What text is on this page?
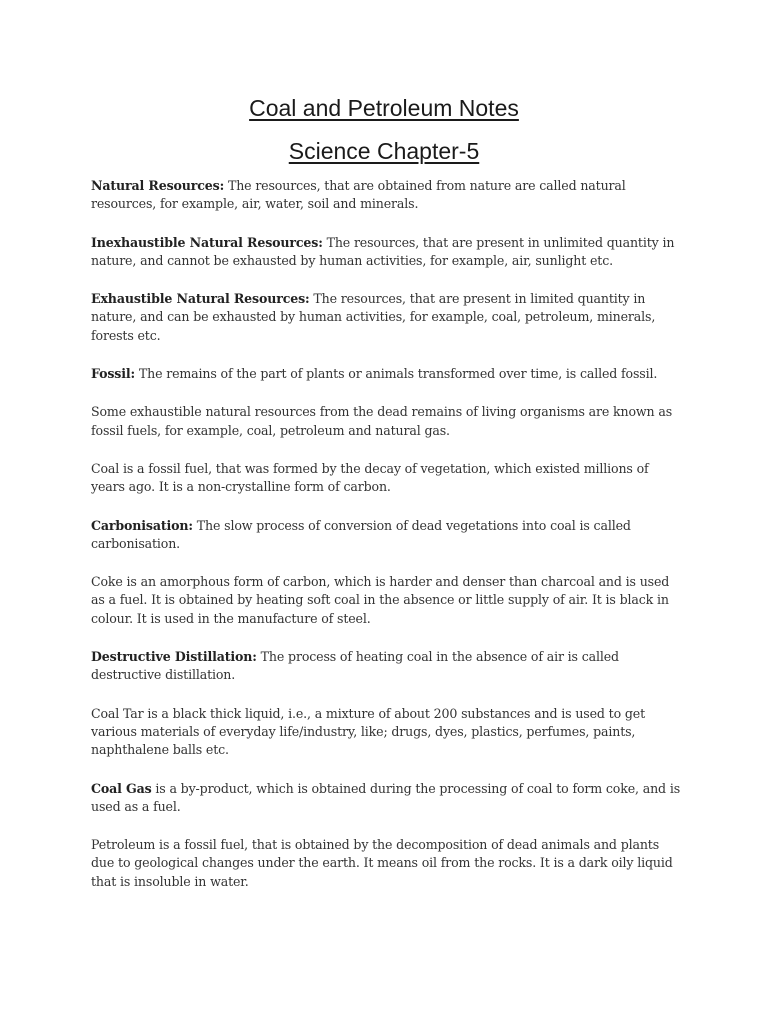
Coal and Petroleum Notes
Science Chapter-5

Natural Resources: The resources, that are obtained from nature are called natural resources, for example, air, water, soil and minerals.

Inexhaustible Natural Resources: The resources, that are present in unlimited quantity in nature, and cannot be exhausted by human activities, for example, air, sunlight etc.

Exhaustible Natural Resources: The resources, that are present in limited quantity in nature, and can be exhausted by human activities, for example, coal, petroleum, minerals, forests etc.

Fossil: The remains of the part of plants or animals transformed over time, is called fossil.

Some exhaustible natural resources from the dead remains of living organisms are known as fossil fuels, for example, coal, petroleum and natural gas.

Coal is a fossil fuel, that was formed by the decay of vegetation, which existed millions of years ago. It is a non-crystalline form of carbon.

Carbonisation: The slow process of conversion of dead vegetations into coal is called carbonisation.

Coke is an amorphous form of carbon, which is harder and denser than charcoal and is used as a fuel. It is obtained by heating soft coal in the absence or little supply of air. It is black in colour. It is used in the manufacture of steel.

Destructive Distillation: The process of heating coal in the absence of air is called destructive distillation.

Coal Tar is a black thick liquid, i.e., a mixture of about 200 substances and is used to get various materials of everyday life/industry, like; drugs, dyes, plastics, perfumes, paints, naphthalene balls etc.

Coal Gas is a by-product, which is obtained during the processing of coal to form coke, and is used as a fuel.

Petroleum is a fossil fuel, that is obtained by the decomposition of dead animals and plants due to geological changes under the earth. It means oil from the rocks. It is a dark oily liquid that is insoluble in water.
